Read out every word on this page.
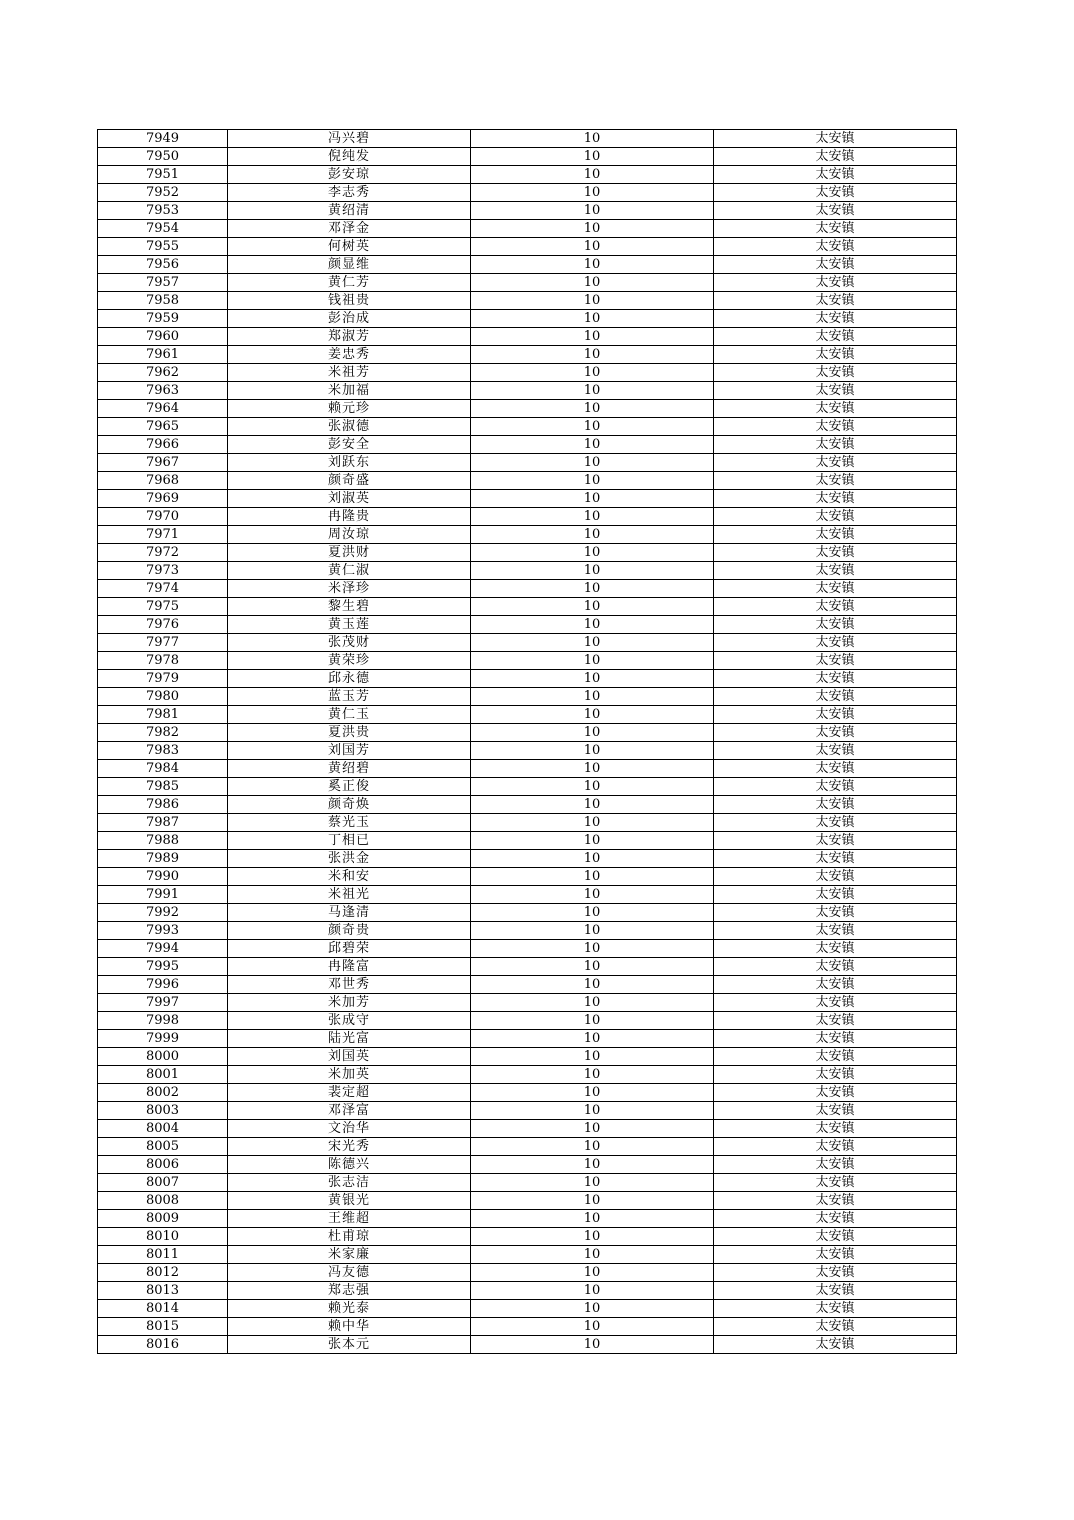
7949	冯兴碧	10	太安镇
7950	倪纯发	10	太安镇
7951	彭安琼	10	太安镇
7952	李志秀	10	太安镇
7953	黄绍清	10	太安镇
7954	邓泽金	10	太安镇
7955	何树英	10	太安镇
7956	颜显维	10	太安镇
7957	黄仁芳	10	太安镇
7958	钱祖贵	10	太安镇
7959	彭治成	10	太安镇
7960	郑淑芳	10	太安镇
7961	姜忠秀	10	太安镇
7962	米祖芳	10	太安镇
7963	米加福	10	太安镇
7964	赖元珍	10	太安镇
7965	张淑德	10	太安镇
7966	彭安全	10	太安镇
7967	刘跃东	10	太安镇
7968	颜奇盛	10	太安镇
7969	刘淑英	10	太安镇
7970	冉隆贵	10	太安镇
7971	周汝琼	10	太安镇
7972	夏洪财	10	太安镇
7973	黄仁淑	10	太安镇
7974	米泽珍	10	太安镇
7975	黎生碧	10	太安镇
7976	黄玉莲	10	太安镇
7977	张茂财	10	太安镇
7978	黄荣珍	10	太安镇
7979	邱永德	10	太安镇
7980	蓝玉芳	10	太安镇
7981	黄仁玉	10	太安镇
7982	夏洪贵	10	太安镇
7983	刘国芳	10	太安镇
7984	黄绍碧	10	太安镇
7985	奚正俊	10	太安镇
7986	颜奇焕	10	太安镇
7987	蔡光玉	10	太安镇
7988	丁相已	10	太安镇
7989	张洪金	10	太安镇
7990	米和安	10	太安镇
7991	米祖光	10	太安镇
7992	马逢清	10	太安镇
7993	颜奇贵	10	太安镇
7994	邱碧荣	10	太安镇
7995	冉隆富	10	太安镇
7996	邓世秀	10	太安镇
7997	米加芳	10	太安镇
7998	张成守	10	太安镇
7999	陆光富	10	太安镇
8000	刘国英	10	太安镇
8001	米加英	10	太安镇
8002	裴定超	10	太安镇
8003	邓泽富	10	太安镇
8004	文治华	10	太安镇
8005	宋光秀	10	太安镇
8006	陈德兴	10	太安镇
8007	张志洁	10	太安镇
8008	黄银光	10	太安镇
8009	王维超	10	太安镇
8010	杜甫琼	10	太安镇
8011	米家廉	10	太安镇
8012	冯友德	10	太安镇
8013	郑志强	10	太安镇
8014	赖光泰	10	太安镇
8015	赖中华	10	太安镇
8016	张本元	10	太安镇
